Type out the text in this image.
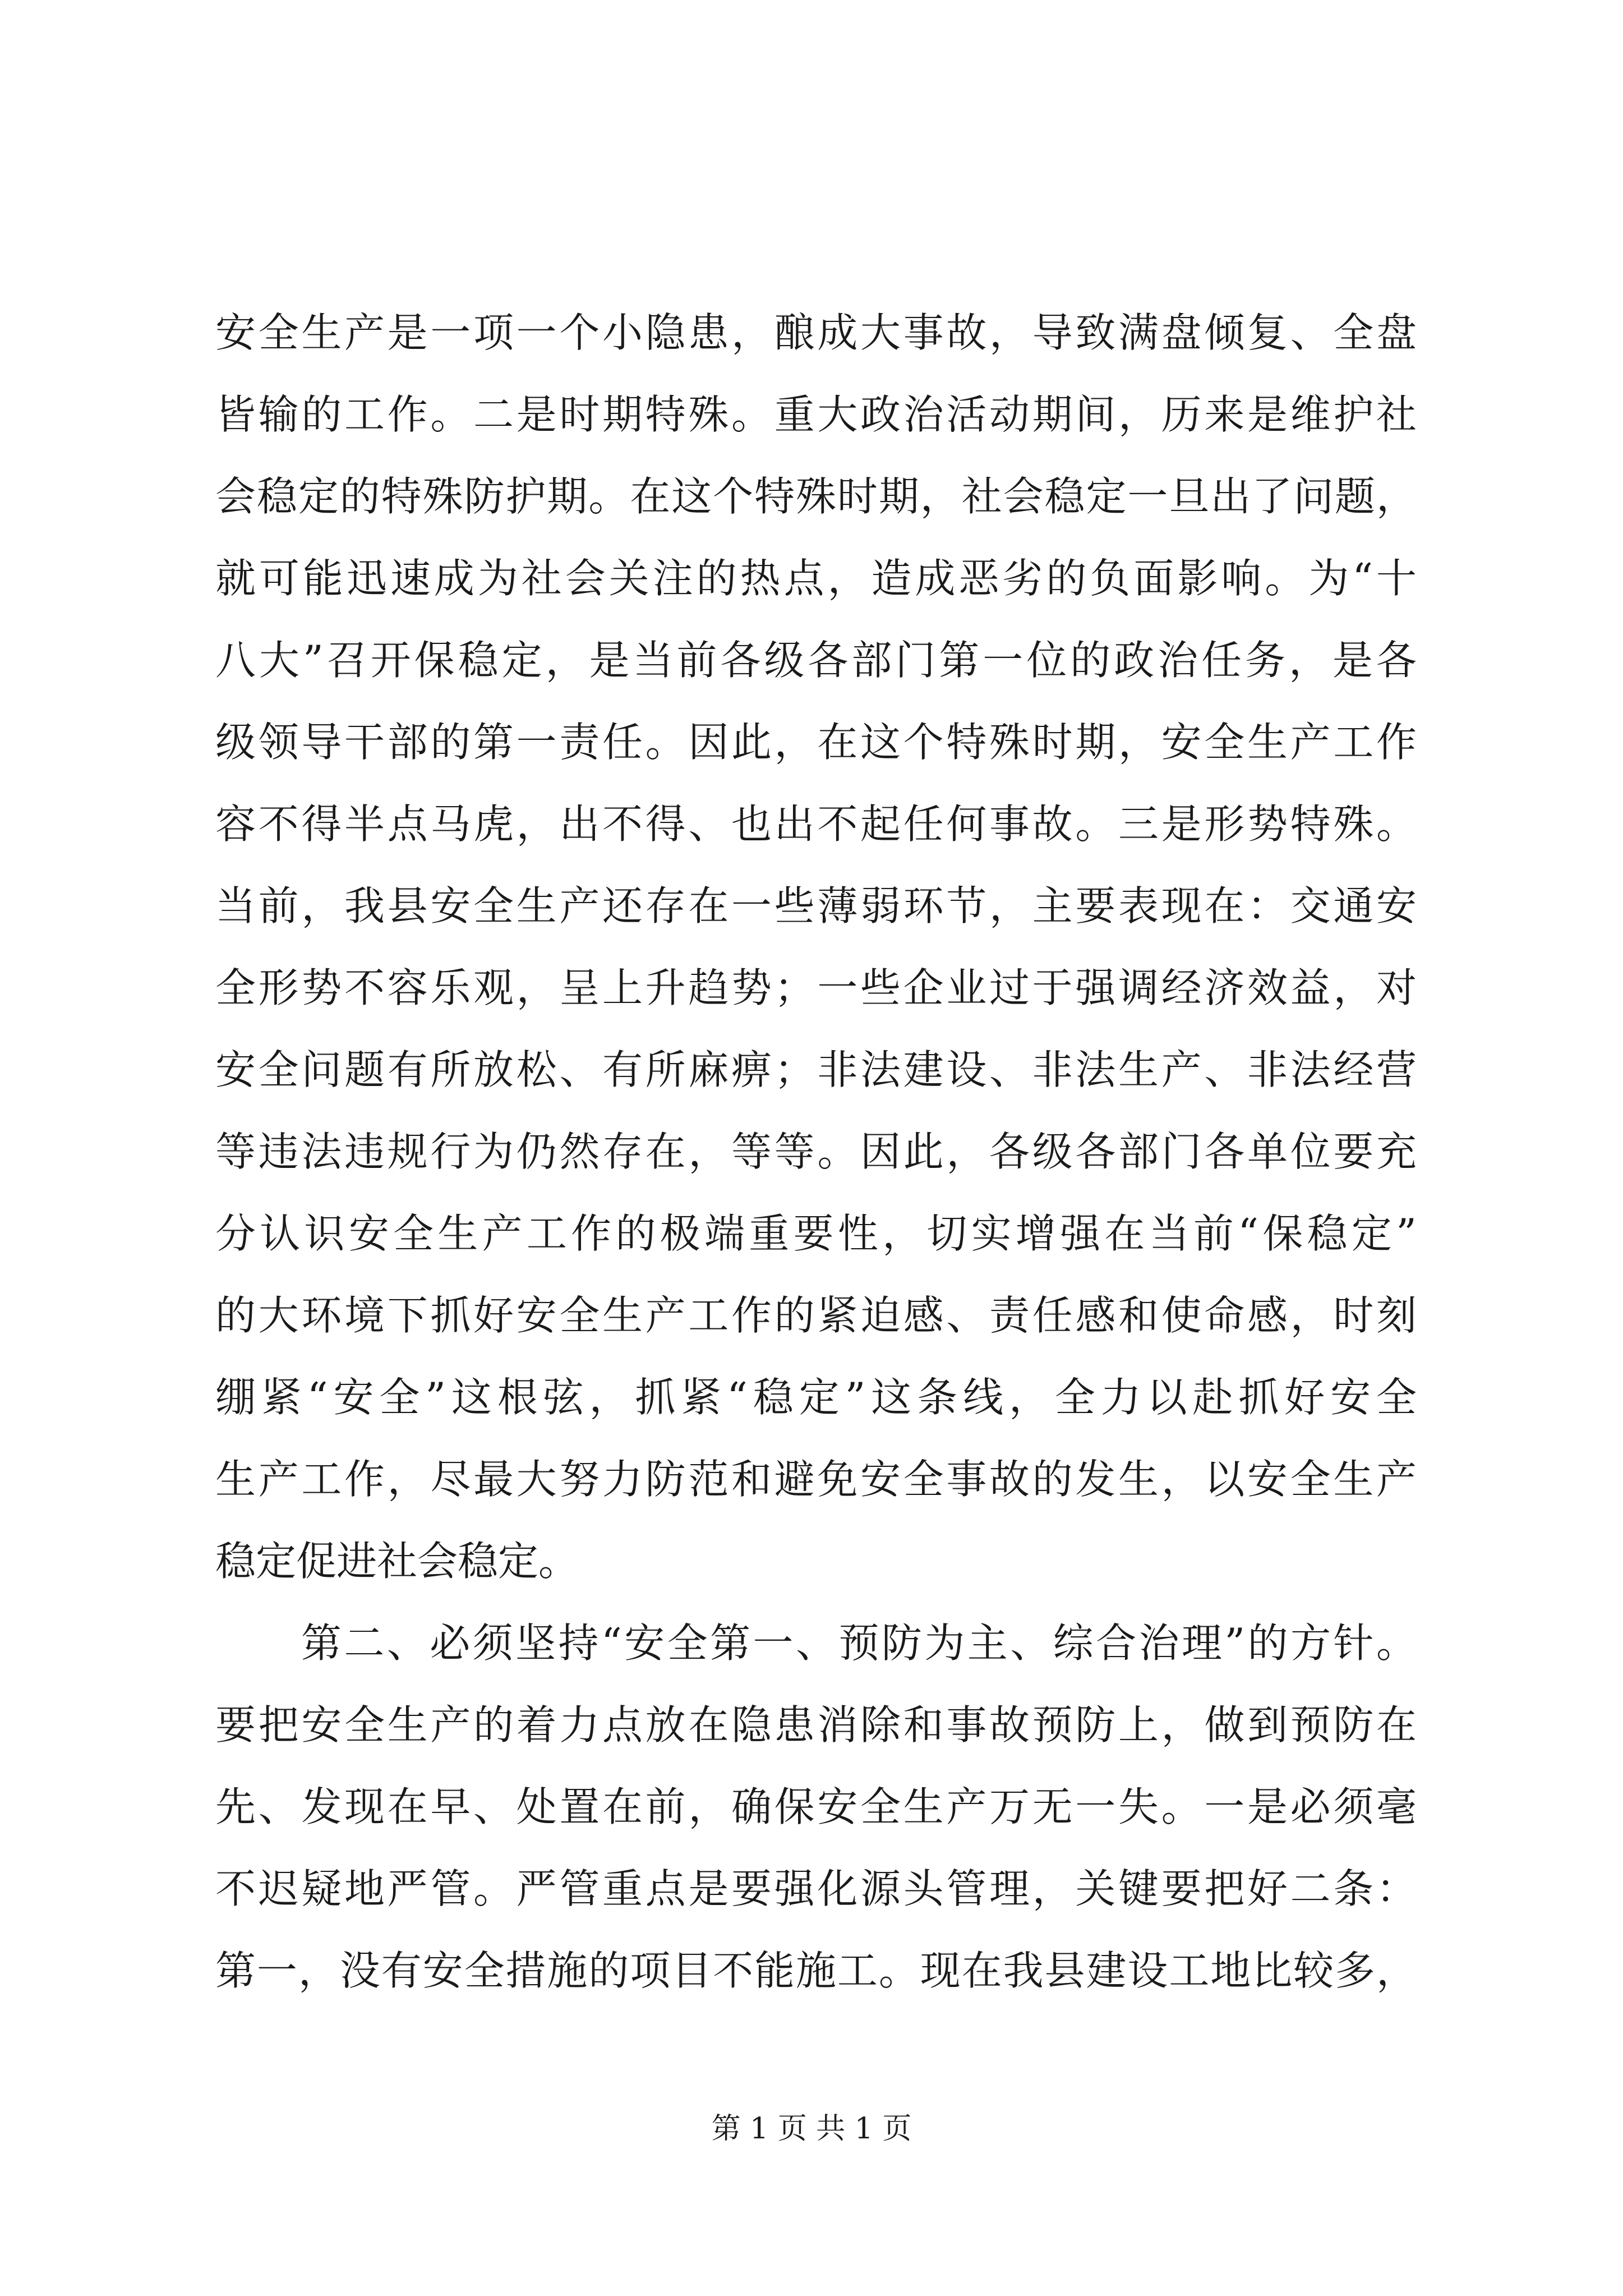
安全生产是一项一个小隐患，酿成大事故，导致满盘倾复、全盘
皆输的工作。二是时期特殊。重大政治活动期间，历来是维护社
会稳定的特殊防护期。在这个特殊时期，社会稳定一旦出了问题，
就可能迅速成为社会关注的热点，造成恶劣的负面影响。为“十
八大”召开保稳定，是当前各级各部门第一位的政治任务，是各
级领导干部的第一责任。因此，在这个特殊时期，安全生产工作
容不得半点马虎，出不得、也出不起任何事故。三是形势特殊。
当前，我县安全生产还存在一些薄弱环节，主要表现在：交通安
全形势不容乐观，呈上升趋势；一些企业过于强调经济效益，对
安全问题有所放松、有所麻痹；非法建设、非法生产、非法经营
等违法违规行为仍然存在，等等。因此，各级各部门各单位要充
分认识安全生产工作的极端重要性，切实增强在当前“保稳定”
的大环境下抓好安全生产工作的紧迫感、责任感和使命感，时刻
绷紧“安全”这根弦，抓紧“稳定”这条线，全力以赴抓好安全
生产工作，尽最大努力防范和避免安全事故的发生，以安全生产
稳定促进社会稳定。
　　第二、必须坚持“安全第一、预防为主、综合治理”的方针。
要把安全生产的着力点放在隐患消除和事故预防上，做到预防在
先、发现在早、处置在前，确保安全生产万无一失。一是必须毫
不迟疑地严管。严管重点是要强化源头管理，关键要把好二条：
第一，没有安全措施的项目不能施工。现在我县建设工地比较多，
第 1 页 共 1 页
